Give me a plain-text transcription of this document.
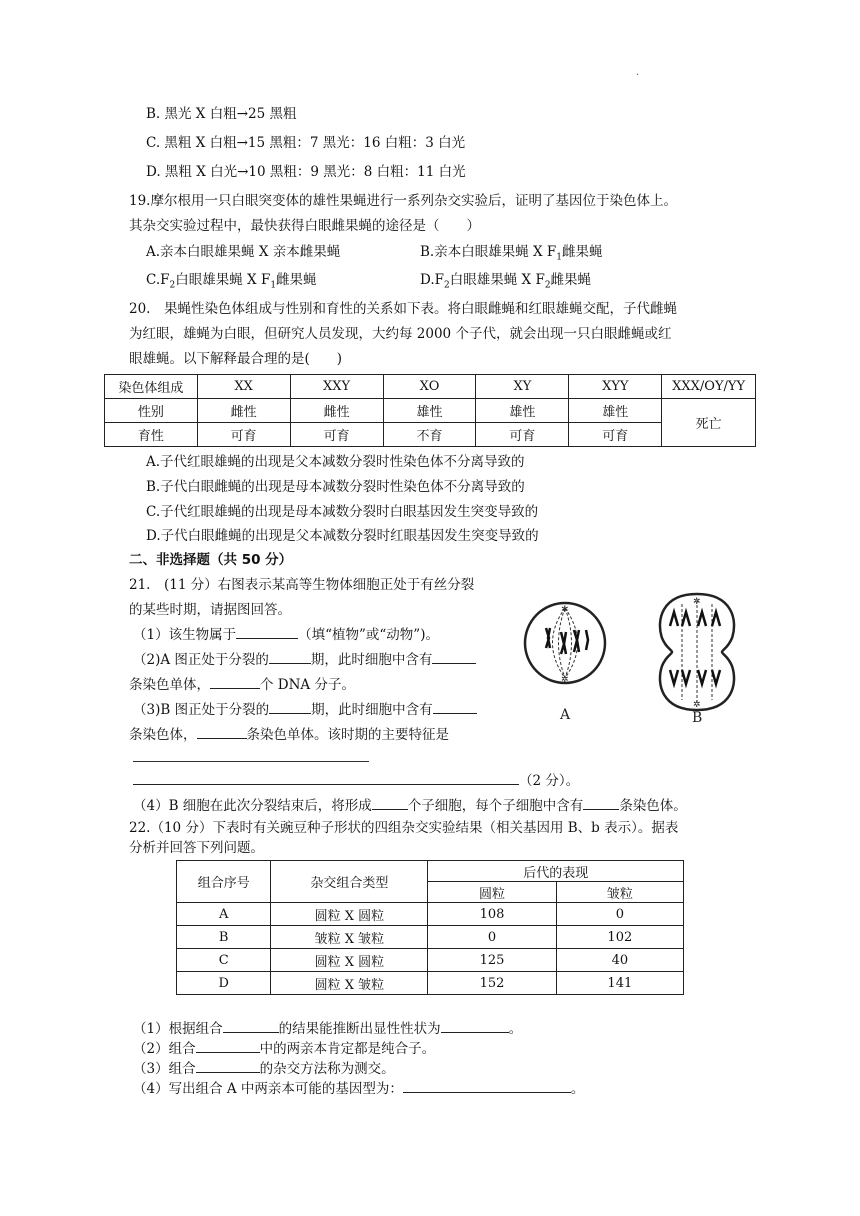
·
B. 黑光 X 白粗→25 黑粗
C. 黑粗 X 白粗→15 黑粗：7 黑光：16 白粗：3 白光
D. 黑粗 X 白光→10 黑粗：9 黑光：8 白粗：11 白光
19.摩尔根用一只白眼突变体的雄性果蝇进行一系列杂交实验后，证明了基因位于染色体上。
其杂交实验过程中，最快获得白眼雌果蝇的途径是（　　）
A.亲本白眼雄果蝇 X 亲本雌果蝇	B.亲本白眼雄果蝇 X $F_1$雌果蝇
$C.F_2$白眼雄果蝇 X $F_1$雌果蝇	$D.F_2$白眼雄果蝇 X $F_2$雌果蝇
20.　果蝇性染色体组成与性别和育性的关系如下表。将白眼雌蝇和红眼雄蝇交配，子代雌蝇
为红眼，雄蝇为白眼，但研究人员发现，大约每 2000 个子代，就会出现一只白眼雌蝇或红
眼雄蝇。以下解释最合理的是(　　)
染色体组成	XX	XXY	XO	XY	XYY	XXX/OY/YY
性别	雌性	雌性	雄性	雄性	雄性	死亡
育性	可育	可育	不育	可育	可育	
A.子代红眼雄蝇的出现是父本减数分裂时性染色体不分离导致的
B.子代白眼雌蝇的出现是母本减数分裂时性染色体不分离导致的
C.子代红眼雄蝇的出现是母本减数分裂时白眼基因发生突变导致的
D.子代白眼雌蝇的出现是父本减数分裂时红眼基因发生突变导致的
二、非选择题（共 50 分）
21.　(11 分）右图表示某高等生物体细胞正处于有丝分裂
的某些时期，请据图回答。
（1）该生物属于	（填“植物”或“动物”)。
（2)A 图正处于分裂的	期，此时细胞中含有
条染色单体，	个 DNA 分子。
（3)B 图正处于分裂的	期，此时细胞中含有
条染色体，	条染色单体。该时期的主要特征是
（2 分）。
（4）B 细胞在此次分裂结束后，将形成	个子细胞，每个子细胞中含有	条染色体。
✲
✲
A
✲
✲
B
22.（10 分）下表时有关豌豆种子形状的四组杂交实验结果（相关基因用 B、b 表示）。据表
分析并回答下列问题。
组合序号	杂交组合类型	后代的表现	
		圆粒	皱粒
A	圆粒 X 圆粒	108	0
B	皱粒 X 皱粒	0	102
C	圆粒 X 圆粒	125	40
D	圆粒 X 皱粒	152	141
（1）根据组合	的结果能推断出显性性状为	。
（2）组合	中的两亲本肯定都是纯合子。
（3）组合	的杂交方法称为测交。
（4）写出组合 A 中两亲本可能的基因型为：	。
